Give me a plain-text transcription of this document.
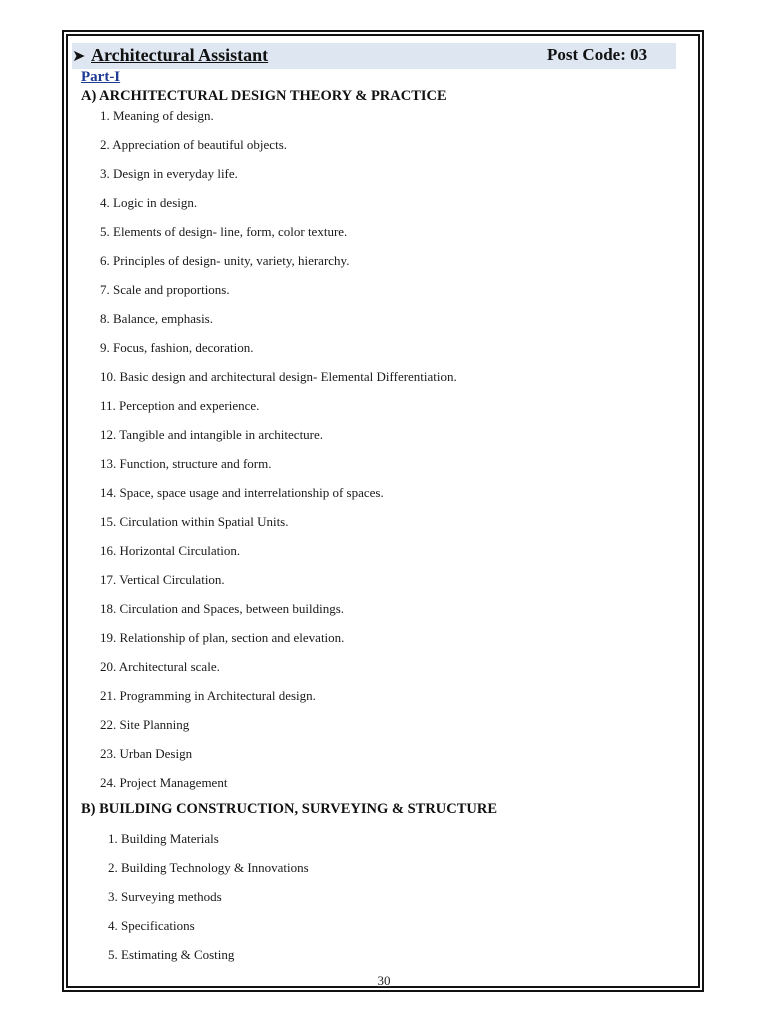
➤ Architectural Assistant	Post Code: 03
Part-I
A) ARCHITECTURAL DESIGN THEORY & PRACTICE
1. Meaning of design.
2. Appreciation of beautiful objects.
3. Design in everyday life.
4. Logic in design.
5. Elements of design- line, form, color texture.
6. Principles of design- unity, variety, hierarchy.
7. Scale and proportions.
8. Balance, emphasis.
9. Focus, fashion, decoration.
10. Basic design and architectural design- Elemental Differentiation.
11. Perception and experience.
12. Tangible and intangible in architecture.
13. Function, structure and form.
14. Space, space usage and interrelationship of spaces.
15. Circulation within Spatial Units.
16. Horizontal Circulation.
17. Vertical Circulation.
18. Circulation and Spaces, between buildings.
19. Relationship of plan, section and elevation.
20. Architectural scale.
21. Programming in Architectural design.
22. Site Planning
23. Urban Design
24. Project Management
B) BUILDING CONSTRUCTION, SURVEYING & STRUCTURE
1. Building Materials
2. Building Technology & Innovations
3. Surveying methods
4. Specifications
5. Estimating & Costing
30
